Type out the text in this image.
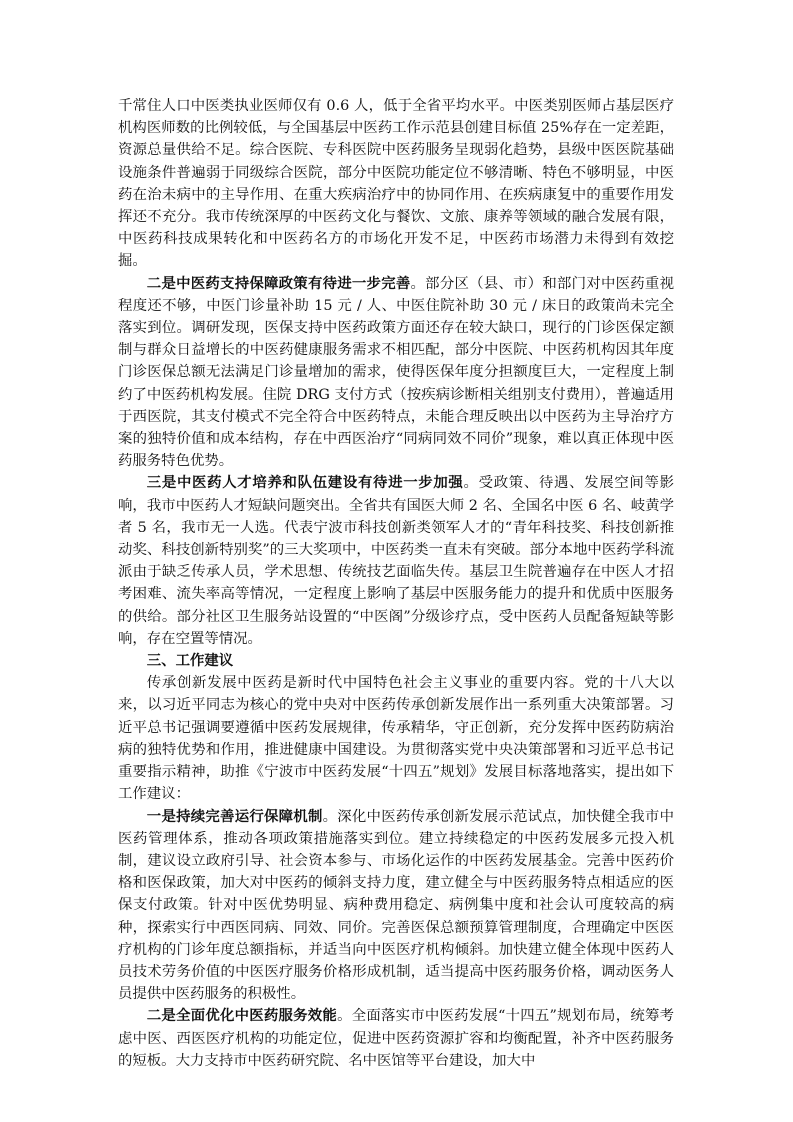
千常住人口中医类执业医师仅有 0.6 人，低于全省平均水平。中医类别医师占基层医疗机构医师数的比例较低，与全国基层中医药工作示范县创建目标值 25%存在一定差距，资源总量供给不足。综合医院、专科医院中医药服务呈现弱化趋势，县级中医医院基础设施条件普遍弱于同级综合医院，部分中医院功能定位不够清晰、特色不够明显，中医药在治未病中的主导作用、在重大疾病治疗中的协同作用、在疾病康复中的重要作用发挥还不充分。我市传统深厚的中医药文化与餐饮、文旅、康养等领域的融合发展有限，中医药科技成果转化和中医药名方的市场化开发不足，中医药市场潜力未得到有效挖掘。

二是中医药支持保障政策有待进一步完善。部分区（县、市）和部门对中医药重视程度还不够，中医门诊量补助 15 元 / 人、中医住院补助 30 元 / 床日的政策尚未完全落实到位。调研发现，医保支持中医药政策方面还存在较大缺口，现行的门诊医保定额制与群众日益增长的中医药健康服务需求不相匹配，部分中医院、中医药机构因其年度门诊医保总额无法满足门诊量增加的需求，使得医保年度分担额度巨大，一定程度上制约了中医药机构发展。住院 DRG 支付方式（按疾病诊断相关组别支付费用），普遍适用于西医院，其支付模式不完全符合中医药特点，未能合理反映出以中医药为主导治疗方案的独特价值和成本结构，存在中西医治疗“同病同效不同价”现象，难以真正体现中医药服务特色优势。

三是中医药人才培养和队伍建设有待进一步加强。受政策、待遇、发展空间等影响，我市中医药人才短缺问题突出。全省共有国医大师 2 名、全国名中医 6 名、岐黄学者 5 名，我市无一人选。代表宁波市科技创新类领军人才的“青年科技奖、科技创新推动奖、科技创新特别奖”的三大奖项中，中医药类一直未有突破。部分本地中医药学科流派由于缺乏传承人员，学术思想、传统技艺面临失传。基层卫生院普遍存在中医人才招考困难、流失率高等情况，一定程度上影响了基层中医服务能力的提升和优质中医服务的供给。部分社区卫生服务站设置的“中医阁”分级诊疗点，受中医药人员配备短缺等影响，存在空置等情况。

三、工作建议

传承创新发展中医药是新时代中国特色社会主义事业的重要内容。党的十八大以来，以习近平同志为核心的党中央对中医药传承创新发展作出一系列重大决策部署。习近平总书记强调要遵循中医药发展规律，传承精华，守正创新，充分发挥中医药防病治病的独特优势和作用，推进健康中国建设。为贯彻落实党中央决策部署和习近平总书记重要指示精神，助推《宁波市中医药发展“十四五”规划》发展目标落地落实，提出如下工作建议：

一是持续完善运行保障机制。深化中医药传承创新发展示范试点，加快健全我市中医药管理体系，推动各项政策措施落实到位。建立持续稳定的中医药发展多元投入机制，建议设立政府引导、社会资本参与、市场化运作的中医药发展基金。完善中医药价格和医保政策，加大对中医药的倾斜支持力度，建立健全与中医药服务特点相适应的医保支付政策。针对中医优势明显、病种费用稳定、病例集中度和社会认可度较高的病种，探索实行中西医同病、同效、同价。完善医保总额预算管理制度，合理确定中医医疗机构的门诊年度总额指标，并适当向中医医疗机构倾斜。加快建立健全体现中医药人员技术劳务价值的中医医疗服务价格形成机制，适当提高中医药服务价格，调动医务人员提供中医药服务的积极性。

二是全面优化中医药服务效能。全面落实市中医药发展“十四五”规划布局，统筹考虑中医、西医医疗机构的功能定位，促进中医药资源扩容和均衡配置，补齐中医药服务的短板。大力支持市中医药研究院、名中医馆等平台建设，加大中
